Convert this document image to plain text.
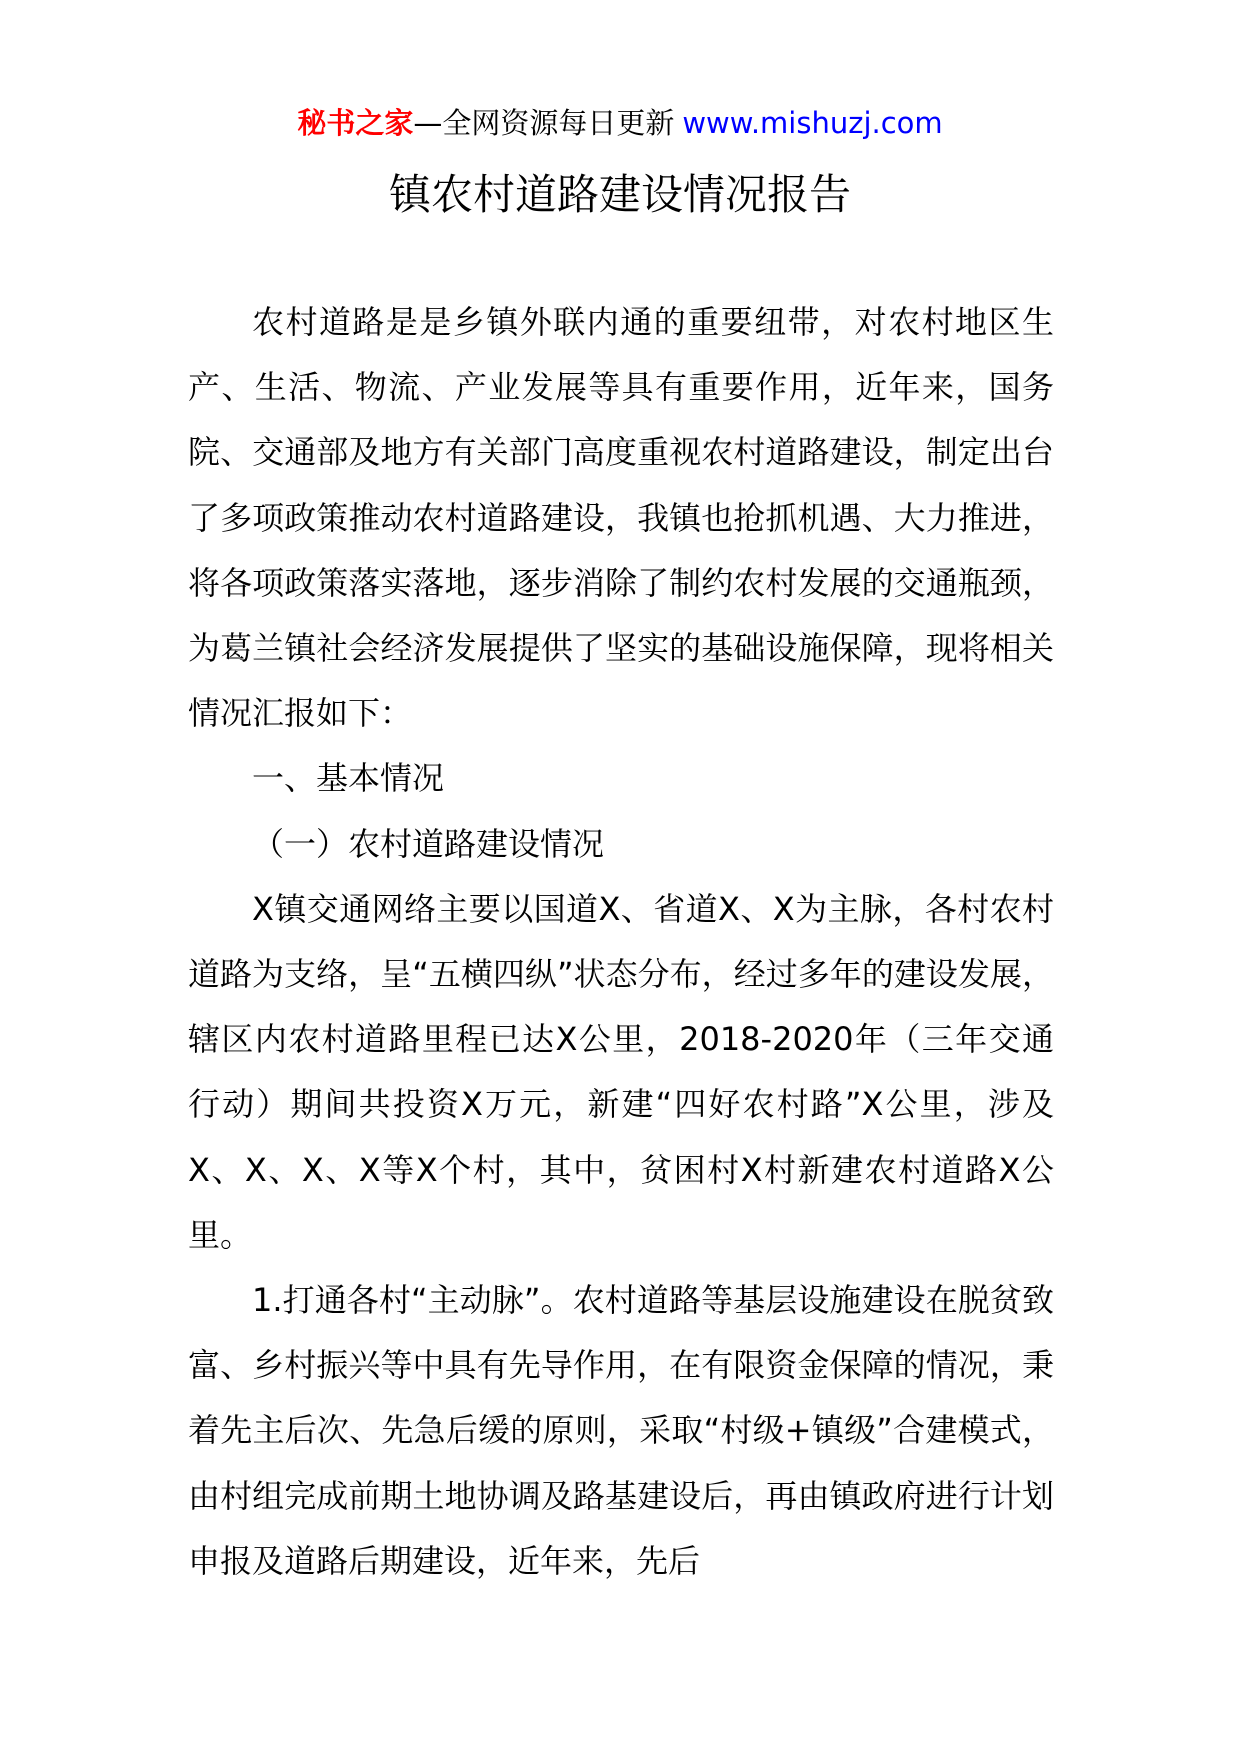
秘书之家—全网资源每日更新 www.mishuzj.com
镇农村道路建设情况报告

农村道路是是乡镇外联内通的重要纽带，对农村地区生产、生活、物流、产业发展等具有重要作用，近年来，国务院、交通部及地方有关部门高度重视农村道路建设，制定出台了多项政策推动农村道路建设，我镇也抢抓机遇、大力推进，将各项政策落实落地，逐步消除了制约农村发展的交通瓶颈，为葛兰镇社会经济发展提供了坚实的基础设施保障，现将相关情况汇报如下：

一、基本情况

（一）农村道路建设情况

X镇交通网络主要以国道X、省道X、X为主脉，各村农村道路为支络，呈“五横四纵”状态分布，经过多年的建设发展，辖区内农村道路里程已达X公里，2018-2020年（三年交通行动）期间共投资X万元，新建“四好农村路”X公里，涉及X、X、X、X等X个村，其中，贫困村X村新建农村道路X公里。

1.打通各村“主动脉”。农村道路等基层设施建设在脱贫致富、乡村振兴等中具有先导作用，在有限资金保障的情况，秉着先主后次、先急后缓的原则，采取“村级+镇级”合建模式，由村组完成前期土地协调及路基建设后，再由镇政府进行计划申报及道路后期建设，近年来，先后
